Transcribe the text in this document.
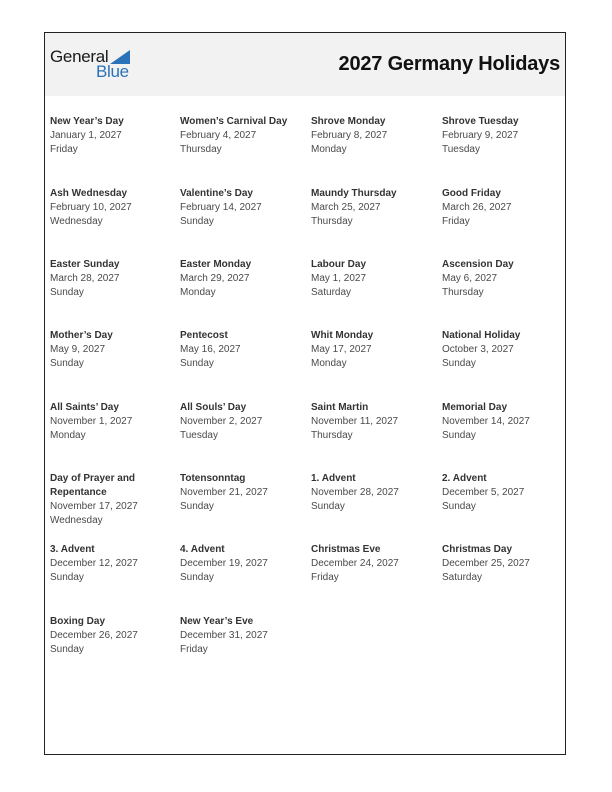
General
Blue	2027 Germany Holidays
New Year’s Day
January 1, 2027
Friday
Women’s Carnival Day
February 4, 2027
Thursday
Shrove Monday
February 8, 2027
Monday
Shrove Tuesday
February 9, 2027
Tuesday
Ash Wednesday
February 10, 2027
Wednesday
Valentine’s Day
February 14, 2027
Sunday
Maundy Thursday
March 25, 2027
Thursday
Good Friday
March 26, 2027
Friday
Easter Sunday
March 28, 2027
Sunday
Easter Monday
March 29, 2027
Monday
Labour Day
May 1, 2027
Saturday
Ascension Day
May 6, 2027
Thursday
Mother’s Day
May 9, 2027
Sunday
Pentecost
May 16, 2027
Sunday
Whit Monday
May 17, 2027
Monday
National Holiday
October 3, 2027
Sunday
All Saints’ Day
November 1, 2027
Monday
All Souls’ Day
November 2, 2027
Tuesday
Saint Martin
November 11, 2027
Thursday
Memorial Day
November 14, 2027
Sunday
Day of Prayer and Repentance
November 17, 2027
Wednesday
Totensonntag
November 21, 2027
Sunday
1. Advent
November 28, 2027
Sunday
2. Advent
December 5, 2027
Sunday
3. Advent
December 12, 2027
Sunday
4. Advent
December 19, 2027
Sunday
Christmas Eve
December 24, 2027
Friday
Christmas Day
December 25, 2027
Saturday
Boxing Day
December 26, 2027
Sunday
New Year’s Eve
December 31, 2027
Friday
